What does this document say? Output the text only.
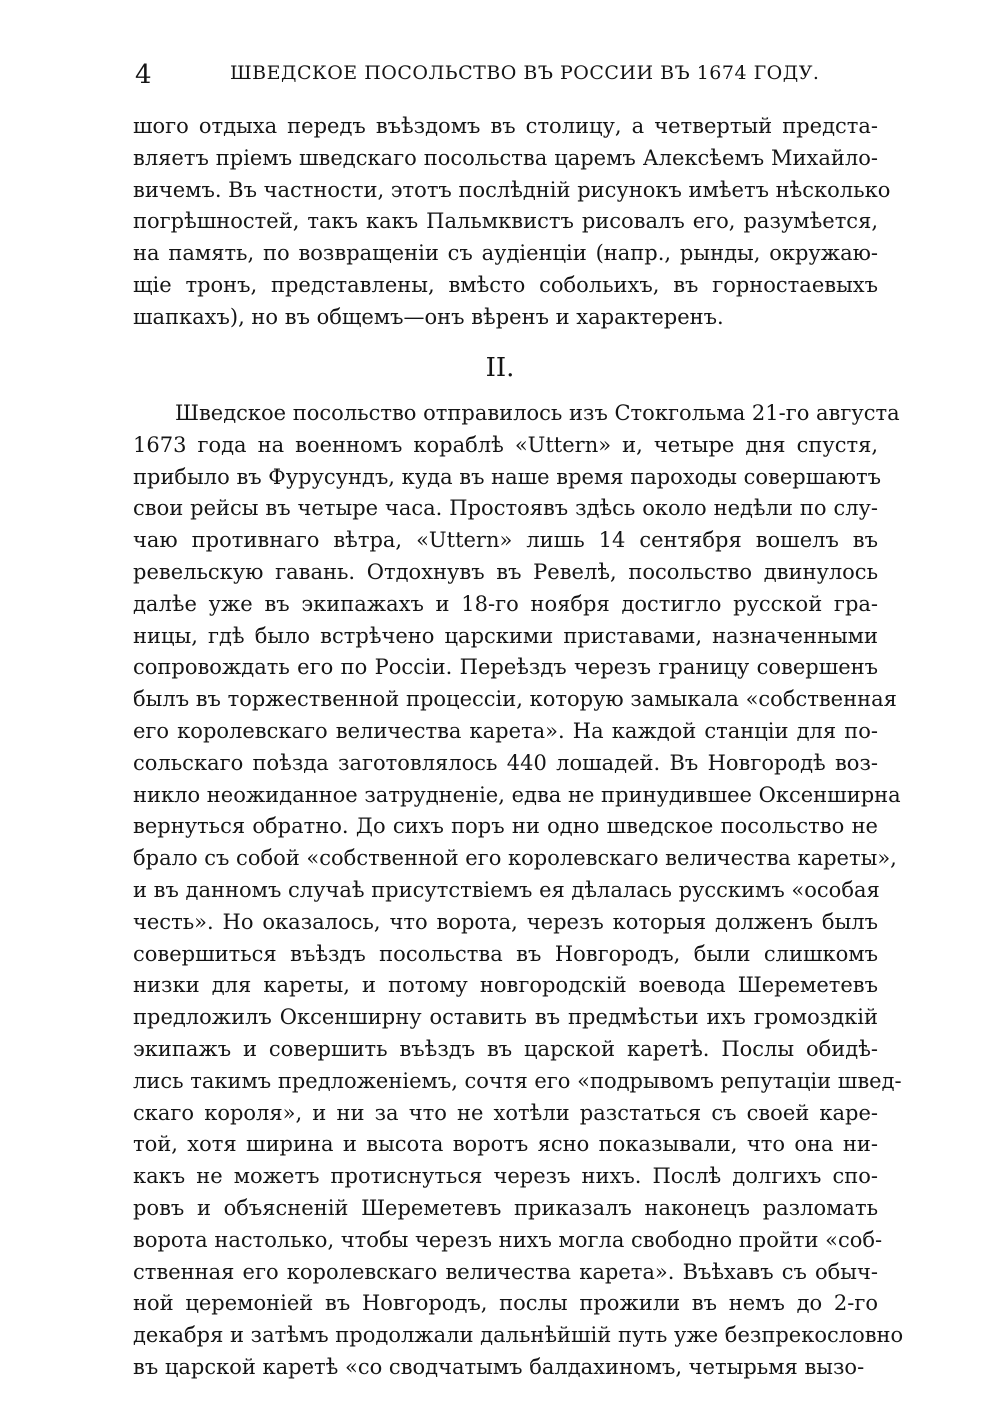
4	ШВЕДСКОЕ ПОСОЛЬСТВО ВЪ РОССИИ ВЪ 1674 ГОДУ.
шого отдыха передъ въѣздомъ въ столицу, а четвертый предста-
вляетъ пріемъ шведскаго посольства царемъ Алексѣемъ Михайло-
вичемъ. Въ частности, этотъ послѣдній рисунокъ имѣетъ нѣсколько
погрѣшностей, такъ какъ Пальмквистъ рисовалъ его, разумѣется,
на память, по возвращеніи съ аудіенціи (напр., рынды, окружаю-
щіе тронъ, представлены, вмѣсто собольихъ, въ горностаевыхъ
шапкахъ), но въ общемъ—онъ вѣренъ и характеренъ.
II.
Шведское посольство отправилось изъ Стокгольма 21-го августа
1673 года на военномъ кораблѣ «Uttern» и, четыре дня спустя,
прибыло въ Фурусундъ, куда въ наше время пароходы совершаютъ
свои рейсы въ четыре часа. Простоявъ здѣсь около недѣли по слу-
чаю противнаго вѣтра, «Uttern» лишь 14 сентября вошелъ въ
ревельскую гавань. Отдохнувъ въ Ревелѣ, посольство двинулось
далѣе уже въ экипажахъ и 18-го ноября достигло русской гра-
ницы, гдѣ было встрѣчено царскими приставами, назначенными
сопровождать его по Россіи. Переѣздъ черезъ границу совершенъ
былъ въ торжественной процессіи, которую замыкала «собственная
его королевскаго величества карета». На каждой станціи для по-
сольскаго поѣзда заготовлялось 440 лошадей. Въ Новгородѣ воз-
никло неожиданное затрудненіе, едва не принудившее Оксенширна
вернуться обратно. До сихъ поръ ни одно шведское посольство не
брало съ собой «собственной его королевскаго величества кареты»,
и въ данномъ случаѣ присутствіемъ ея дѣлалась русскимъ «особая
честь». Но оказалось, что ворота, черезъ которыя долженъ былъ
совершиться въѣздъ посольства въ Новгородъ, были слишкомъ
низки для кареты, и потому новгородскій воевода Шереметевъ
предложилъ Оксенширну оставить въ предмѣстьи ихъ громоздкій
экипажъ и совершить въѣздъ въ царской каретѣ. Послы обидѣ-
лись такимъ предложеніемъ, сочтя его «подрывомъ репутаціи швед-
скаго короля», и ни за что не хотѣли разстаться съ своей каре-
той, хотя ширина и высота воротъ ясно показывали, что она ни-
какъ не можетъ протиснуться черезъ нихъ. Послѣ долгихъ спо-
ровъ и объясненій Шереметевъ приказалъ наконецъ разломать
ворота настолько, чтобы черезъ нихъ могла свободно пройти «соб-
ственная его королевскаго величества карета». Въѣхавъ съ обыч-
ной церемоніей въ Новгородъ, послы прожили въ немъ до 2-го
декабря и затѣмъ продолжали дальнѣйшій путь уже безпрекословно
въ царской каретѣ «со сводчатымъ балдахиномъ, четырьмя вызо-
